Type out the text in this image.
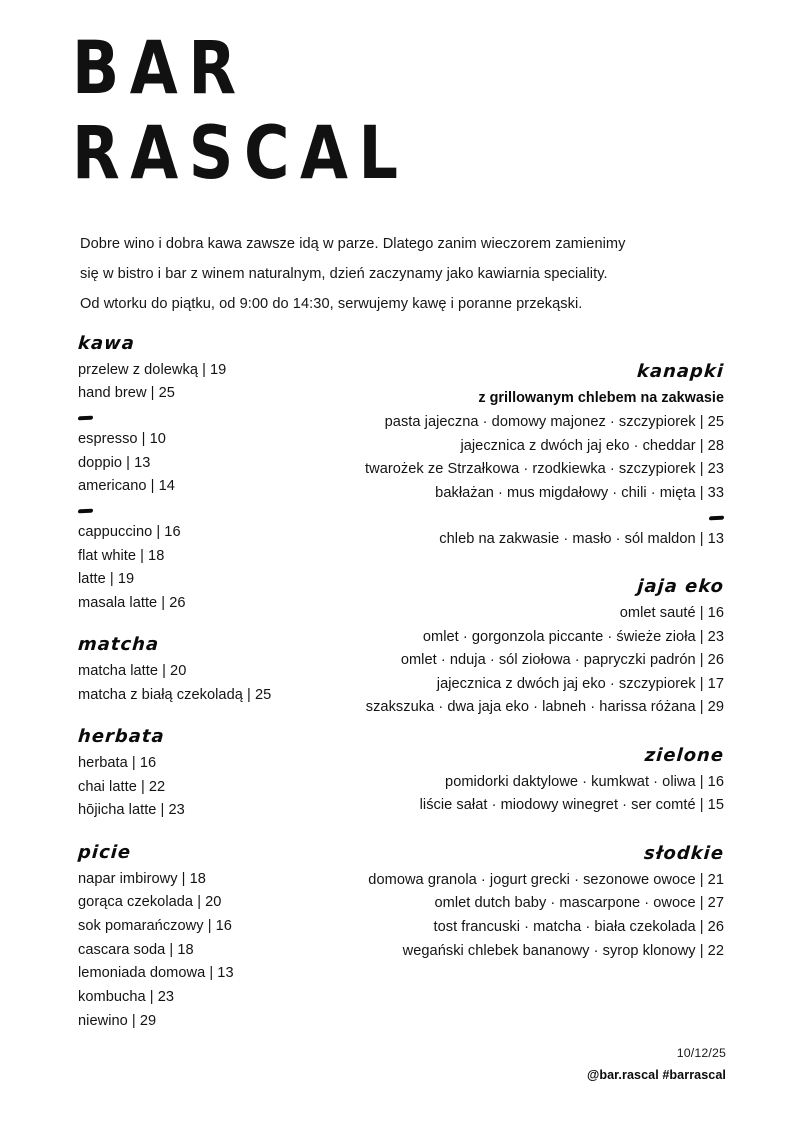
BAR
RASCAL

Dobre wino i dobra kawa zawsze idą w parze. Dlatego zanim wieczorem zamienimy

się w bistro i bar z winem naturalnym, dzień zaczynamy jako kawiarnia speciality.

Od wtorku do piątku, od 9:00 do 14:30, serwujemy kawę i poranne przekąski.

kawa
przelew z dolewką | 19
hand brew | 25
espresso | 10
doppio | 13
americano | 14
cappuccino | 16
flat white | 18
latte | 19
masala latte | 26
matcha
matcha latte | 20
matcha z białą czekoladą | 25
herbata
herbata | 16
chai latte | 22
hōjicha latte | 23
picie
napar imbirowy | 18
gorąca czekolada | 20
sok pomarańczowy | 16
cascara soda | 18
lemoniada domowa | 13
kombucha | 23
niewino | 29
kanapki
z grillowanym chlebem na zakwasie
pasta jajeczna · domowy majonez · szczypiorek | 25
jajecznica z dwóch jaj eko · cheddar | 28
twarożek ze Strzałkowa · rzodkiewka · szczypiorek | 23
bakłażan · mus migdałowy · chili · mięta | 33
chleb na zakwasie · masło · sól maldon | 13
jaja eko
omlet sauté | 16
omlet · gorgonzola piccante · świeże zioła | 23
omlet · nduja · sól ziołowa · papryczki padrón | 26
jajecznica z dwóch jaj eko · szczypiorek | 17
szakszuka · dwa jaja eko · labneh · harissa różana | 29
zielone
pomidorki daktylowe · kumkwat · oliwa | 16
liście sałat · miodowy winegret · ser comté | 15
słodkie
domowa granola · jogurt grecki · sezonowe owoce | 21
omlet dutch baby · mascarpone · owoce | 27
tost francuski · matcha · biała czekolada | 26
wegański chlebek bananowy · syrop klonowy | 22
10/12/25
@bar.rascal #barrascal
